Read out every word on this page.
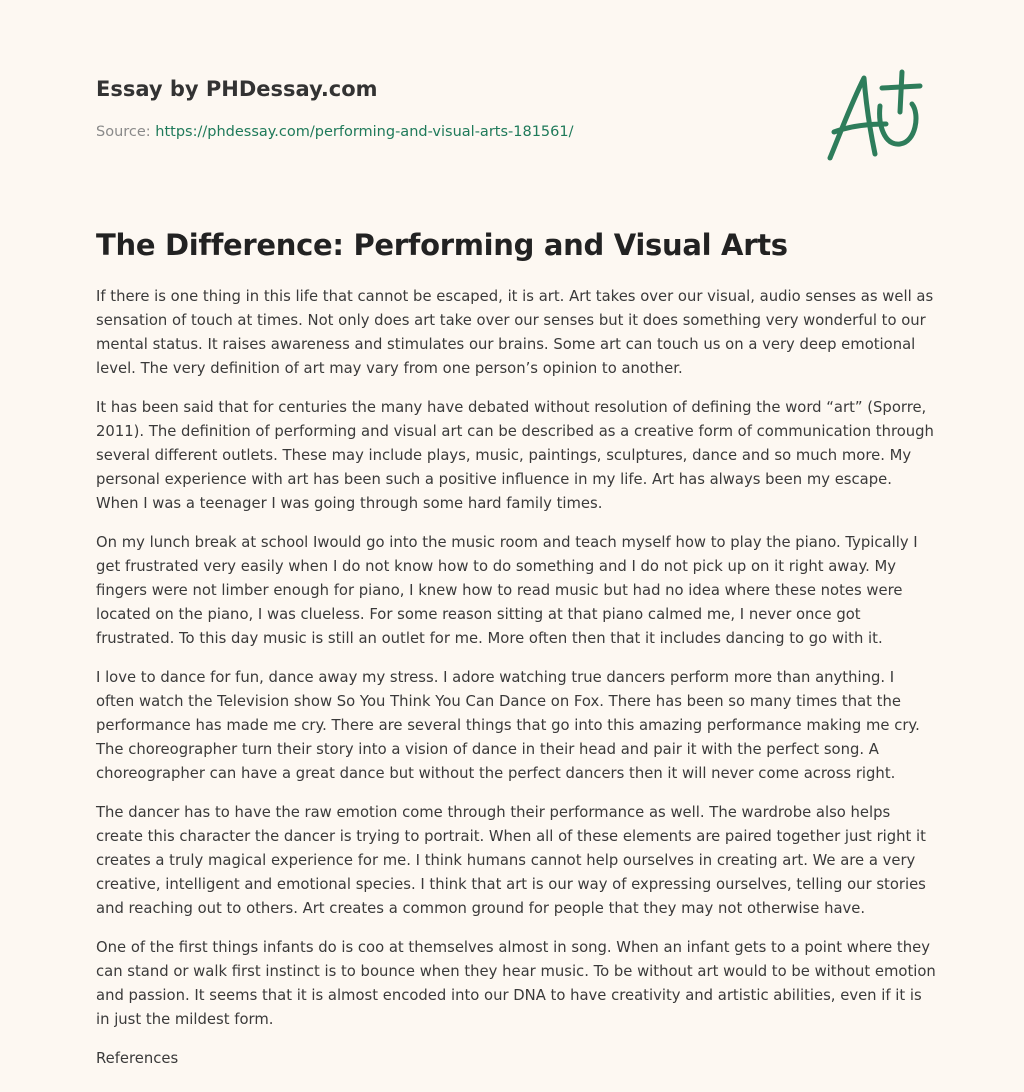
Essay by PHDessay.com
Source: https://phdessay.com/performing-and-visual-arts-181561/
The Difference: Performing and Visual Arts

If there is one thing in this life that cannot be escaped, it is art. Art takes over our visual, audio senses as well as sensation of touch at times. Not only does art take over our senses but it does something very wonderful to our mental status. It raises awareness and stimulates our brains. Some art can touch us on a very deep emotional level. The very definition of art may vary from one person’s opinion to another.

It has been said that for centuries the many have debated without resolution of defining the word “art” (Sporre, 2011). The definition of performing and visual art can be described as a creative form of communication through several different outlets. These may include plays, music, paintings, sculptures, dance and so much more. My personal experience with art has been such a positive influence in my life. Art has always been my escape. When I was a teenager I was going through some hard family times.

On my lunch break at school Iwould go into the music room and teach myself how to play the piano. Typically I get frustrated very easily when I do not know how to do something and I do not pick up on it right away. My fingers were not limber enough for piano, I knew how to read music but had no idea where these notes were located on the piano, I was clueless. For some reason sitting at that piano calmed me, I never once got frustrated. To this day music is still an outlet for me. More often then that it includes dancing to go with it.

I love to dance for fun, dance away my stress. I adore watching true dancers perform more than anything. I often watch the Television show So You Think You Can Dance on Fox. There has been so many times that the performance has made me cry. There are several things that go into this amazing performance making me cry. The choreographer turn their story into a vision of dance in their head and pair it with the perfect song. A choreographer can have a great dance but without the perfect dancers then it will never come across right.

The dancer has to have the raw emotion come through their performance as well. The wardrobe also helps create this character the dancer is trying to portrait. When all of these elements are paired together just right it creates a truly magical experience for me. I think humans cannot help ourselves in creating art. We are a very creative, intelligent and emotional species. I think that art is our way of expressing ourselves, telling our stories and reaching out to others. Art creates a common ground for people that they may not otherwise have.

One of the first things infants do is coo at themselves almost in song. When an infant gets to a point where they can stand or walk first instinct is to bounce when they hear music. To be without art would to be without emotion and passion. It seems that it is almost encoded into our DNA to have creativity and artistic abilities, even if it is in just the mildest form.

References
